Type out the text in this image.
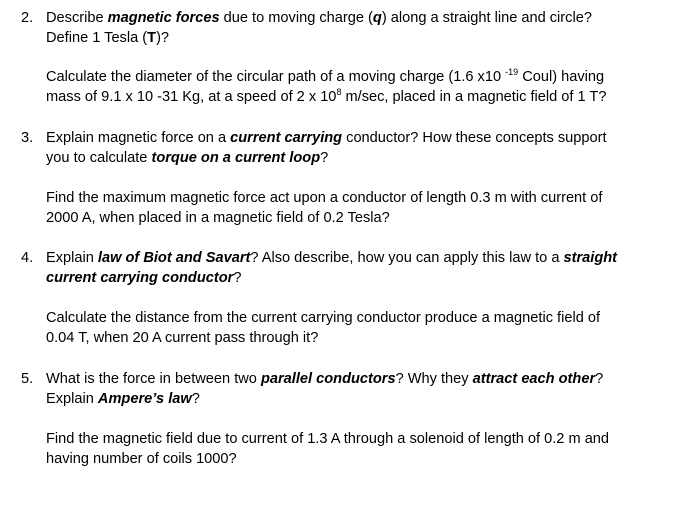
2. Describe magnetic forces due to moving charge (q) along a straight line and circle?
Define 1 Tesla (T)?
Calculate the diameter of the circular path of a moving charge (1.6 x10 $^{-19}$ Coul) having
mass of 9.1 x 10 -31 Kg, at a speed of 2 x $10^8$ m/sec, placed in a magnetic field of 1 T?
3. Explain magnetic force on a current carrying conductor? How these concepts support
you to calculate torque on a current loop?
Find the maximum magnetic force act upon a conductor of length 0.3 m with current of
2000 A, when placed in a magnetic field of 0.2 Tesla?
4. Explain law of Biot and Savart? Also describe, how you can apply this law to a straight
current carrying conductor?
Calculate the distance from the current carrying conductor produce a magnetic field of
0.04 T, when 20 A current pass through it?
5. What is the force in between two parallel conductors? Why they attract each other?
Explain Ampere’s law?
Find the magnetic field due to current of 1.3 A through a solenoid of length of 0.2 m and
having number of coils 1000?
